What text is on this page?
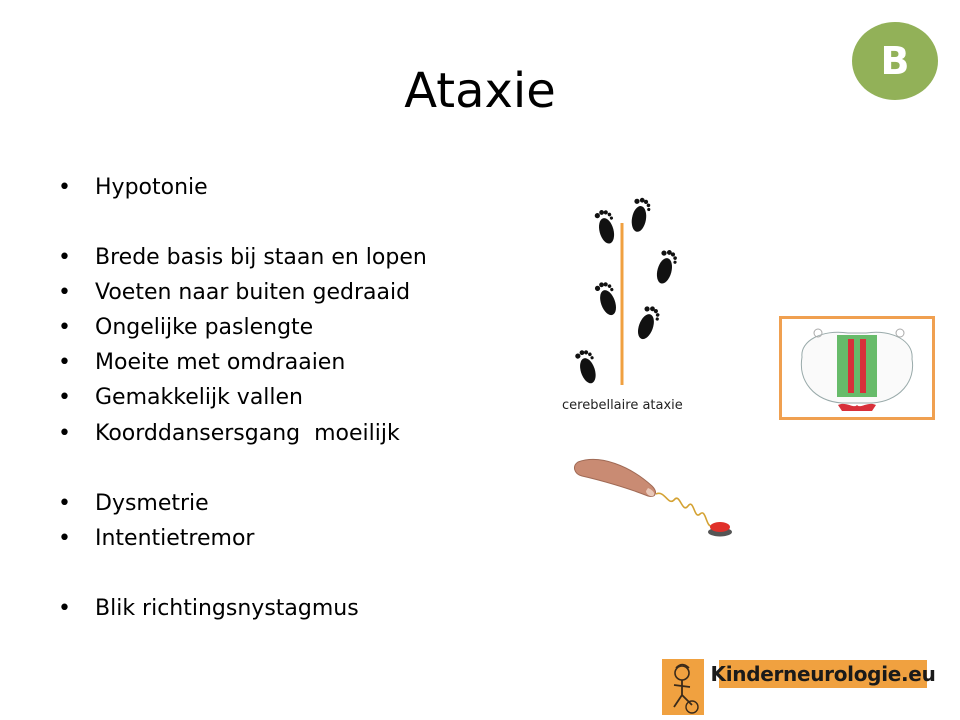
B
Ataxie
• Hypotonie
• Brede basis bij staan en lopen
• Voeten naar buiten gedraaid
• Ongelijke paslengte
• Moeite met omdraaien
• Gemakkelijk vallen
• Koorddansersgang  moeilijk
• Dysmetrie
• Intentietremor
• Blik richtingsnystagmus
cerebellaire ataxie
Kinderneurologie.eu
